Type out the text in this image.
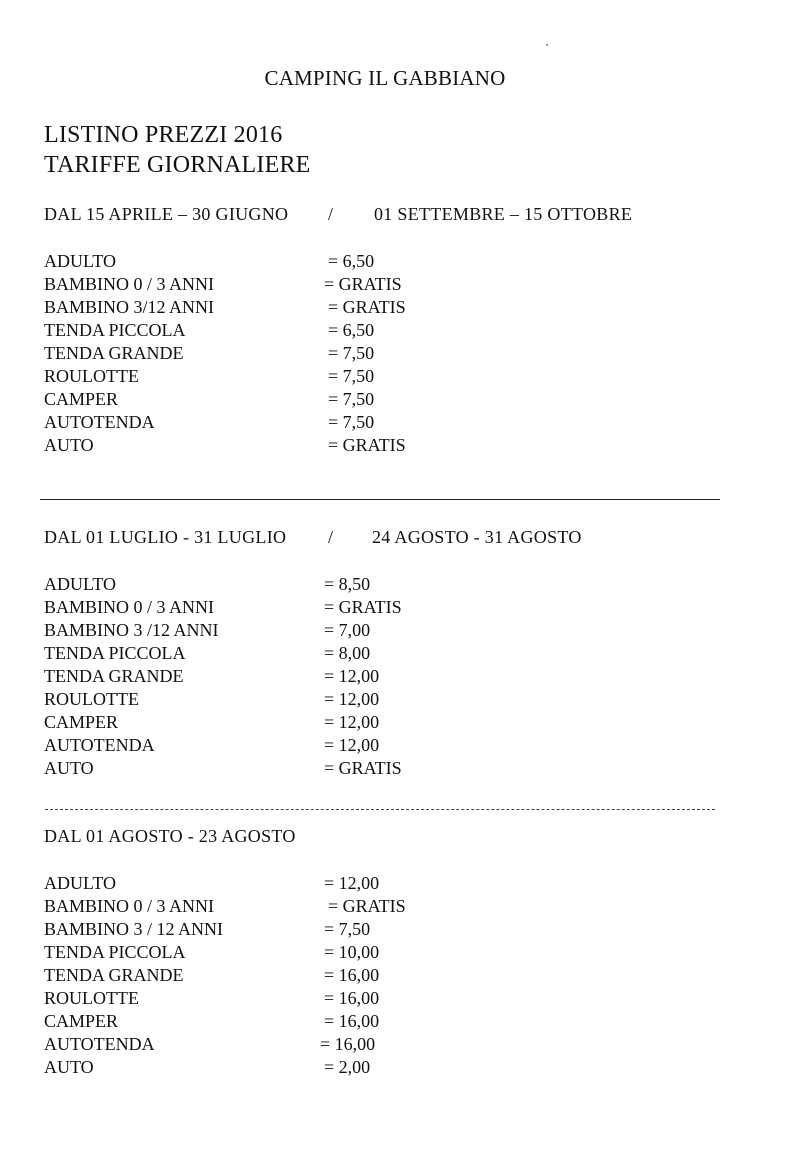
CAMPING IL GABBIANO
LISTINO PREZZI 2016
TARIFFE GIORNALIERE
DAL 15 APRILE – 30 GIUGNO / 01 SETTEMBRE – 15 OTTOBRE
ADULTO	= 6,50
BAMBINO 0 / 3 ANNI	= GRATIS
BAMBINO 3/12 ANNI	= GRATIS
TENDA PICCOLA	= 6,50
TENDA GRANDE	= 7,50
ROULOTTE	= 7,50
CAMPER	= 7,50
AUTOTENDA	= 7,50
AUTO	= GRATIS
DAL 01 LUGLIO - 31 LUGLIO / 24 AGOSTO - 31 AGOSTO
ADULTO	= 8,50
BAMBINO 0 / 3 ANNI	= GRATIS
BAMBINO 3 /12 ANNI	= 7,00
TENDA PICCOLA	= 8,00
TENDA GRANDE	= 12,00
ROULOTTE	= 12,00
CAMPER	= 12,00
AUTOTENDA	= 12,00
AUTO	= GRATIS
DAL 01 AGOSTO - 23 AGOSTO
ADULTO	= 12,00
BAMBINO 0 / 3 ANNI	= GRATIS
BAMBINO 3 / 12 ANNI	= 7,50
TENDA PICCOLA	= 10,00
TENDA GRANDE	= 16,00
ROULOTTE	= 16,00
CAMPER	= 16,00
AUTOTENDA	= 16,00
AUTO	= 2,00
